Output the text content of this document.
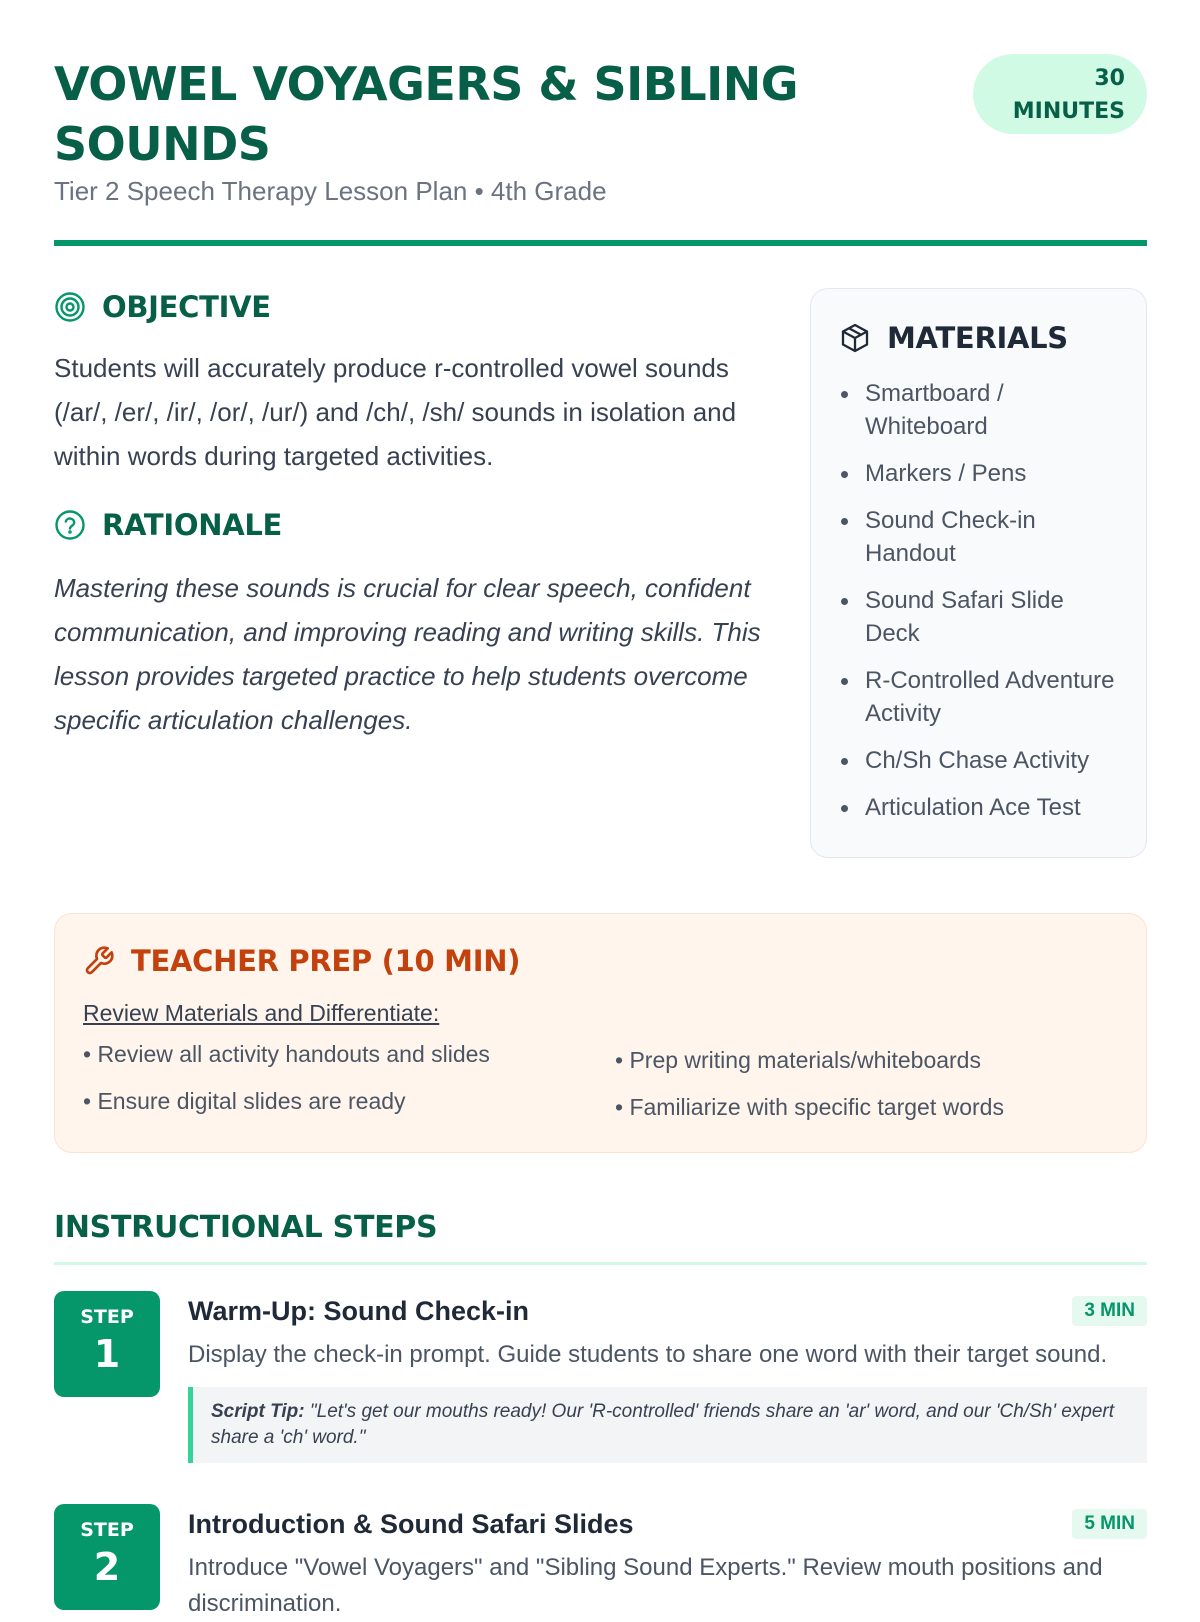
VOWEL VOYAGERS & SIBLING SOUNDS
30
MINUTES
Tier 2 Speech Therapy Lesson Plan • 4th Grade
OBJECTIVE

Students will accurately produce r-controlled vowel sounds (/ar/, /er/, /ir/, /or/, /ur/) and /ch/, /sh/ sounds in isolation and within words during targeted activities.

RATIONALE

Mastering these sounds is crucial for clear speech, confident communication, and improving reading and writing skills. This lesson provides targeted practice to help students overcome specific articulation challenges.

MATERIALS
Smartboard / Whiteboard
Markers / Pens
Sound Check-in Handout
Sound Safari Slide Deck
R-Controlled Adventure Activity
Ch/Sh Chase Activity
Articulation Ace Test
TEACHER PREP (10 MIN)
Review Materials and Differentiate:
• Review all activity handouts and slides
• Ensure digital slides are ready
• Prep writing materials/whiteboards
• Familiarize with specific target words
INSTRUCTIONAL STEPS
STEP
1
Warm-Up: Sound Check-in	3 MIN
Display the check-in prompt. Guide students to share one word with their target sound.
Script Tip: "Let's get our mouths ready! Our 'R-controlled' friends share an 'ar' word, and our 'Ch/Sh' expert share a 'ch' word."
STEP
2
Introduction & Sound Safari Slides	5 MIN
Introduce "Vowel Voyagers" and "Sibling Sound Experts." Review mouth positions and discrimination.
